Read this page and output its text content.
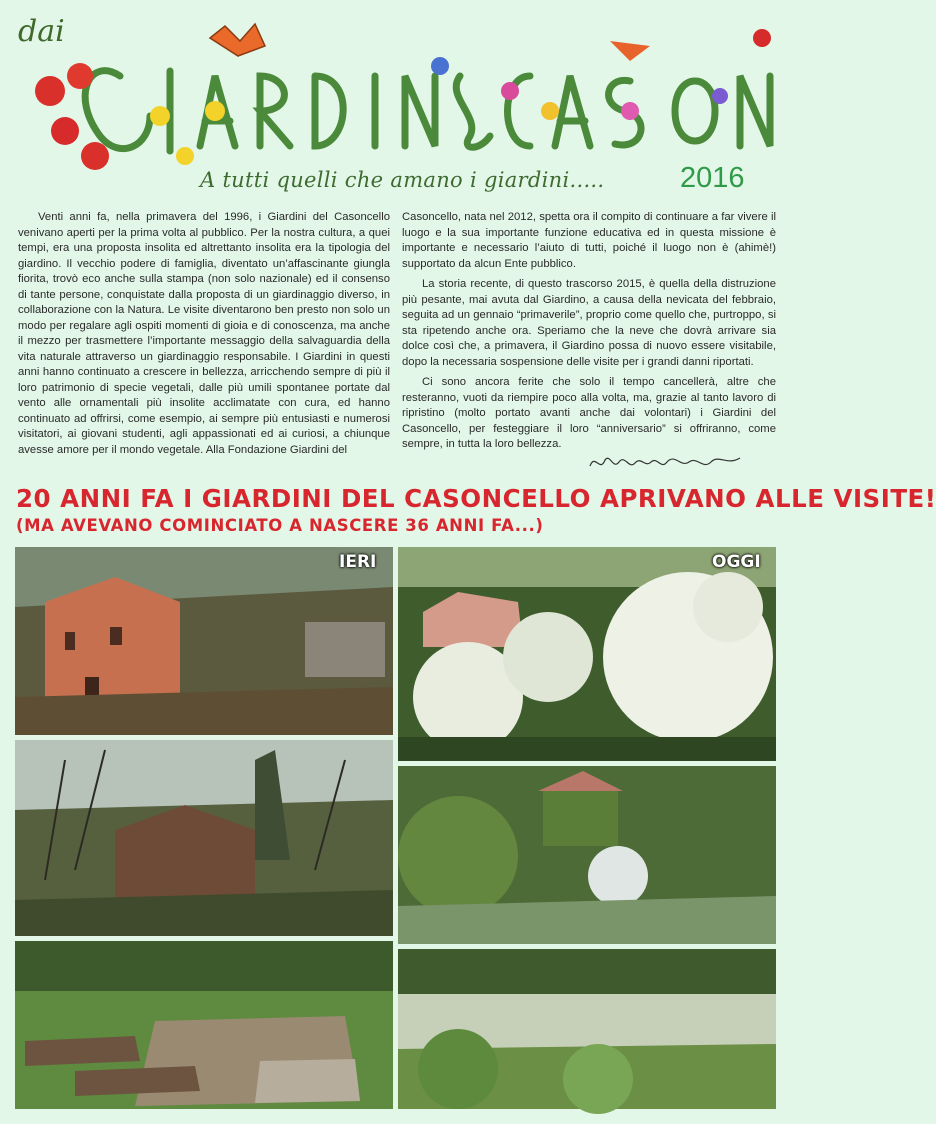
dai
A tutti quelli che amano i giardini.....	2016

Venti anni fa, nella primavera del 1996, i Giardini del Casoncello venivano aperti per la prima volta al pubblico. Per la nostra cultura, a quei tempi, era una proposta insolita ed altrettanto insolita era la tipologia del giardino. Il vecchio podere di famiglia, diventato un’affascinante giungla fiorita, trovò eco anche sulla stampa (non solo nazionale) ed il consenso di tante persone, conquistate dalla proposta di un giardinaggio diverso, in collaborazione con la Natura. Le visite diventarono ben presto non solo un modo per regalare agli ospiti momenti di gioia e di conoscenza, ma anche il mezzo per trasmettere l’importante messaggio della salvaguardia della vita naturale attraverso un giardinaggio responsabile. I Giardini in questi anni hanno continuato a crescere in bellezza, arricchendo sempre di più il loro patrimonio di specie vegetali, dalle più umili spontanee portate dal vento alle ornamentali più insolite acclimatate con cura, ed hanno continuato ad offrirsi, come esempio, ai sempre più entusiasti e numerosi visitatori, ai giovani studenti, agli appassionati ed ai curiosi, a chiunque avesse amore per il mondo vegetale. Alla Fondazione Giardini del

Casoncello, nata nel 2012, spetta ora il compito di continuare a far vivere il luogo e la sua importante funzione educativa ed in questa missione è importante e necessario l’aiuto di tutti, poiché il luogo non è (ahimè!) supportato da alcun Ente pubblico.

La storia recente, di questo trascorso 2015, è quella della distruzione più pesante, mai avuta dal Giardino, a causa della nevicata del febbraio, seguita ad un gennaio “primaverile”, proprio come quello che, purtroppo, si sta ripetendo anche ora. Speriamo che la neve che dovrà arrivare sia dolce così che, a primavera, il Giardino possa di nuovo essere visitabile, dopo la necessaria sospensione delle visite per i grandi danni riportati.

Ci sono ancora ferite che solo il tempo cancellerà, altre che resteranno, vuoti da riempire poco alla volta, ma, grazie al tanto lavoro di ripristino (molto portato avanti anche dai volontari) i Giardini del Casoncello, per festeggiare il loro “anniversario” si offriranno, come sempre, in tutta la loro bellezza.

20 ANNI FA I GIARDINI DEL CASONCELLO APRIVANO ALLE VISITE!
(MA AVEVANO COMINCIATO A NASCERE 36 ANNI FA...)
IERI	OGGI
